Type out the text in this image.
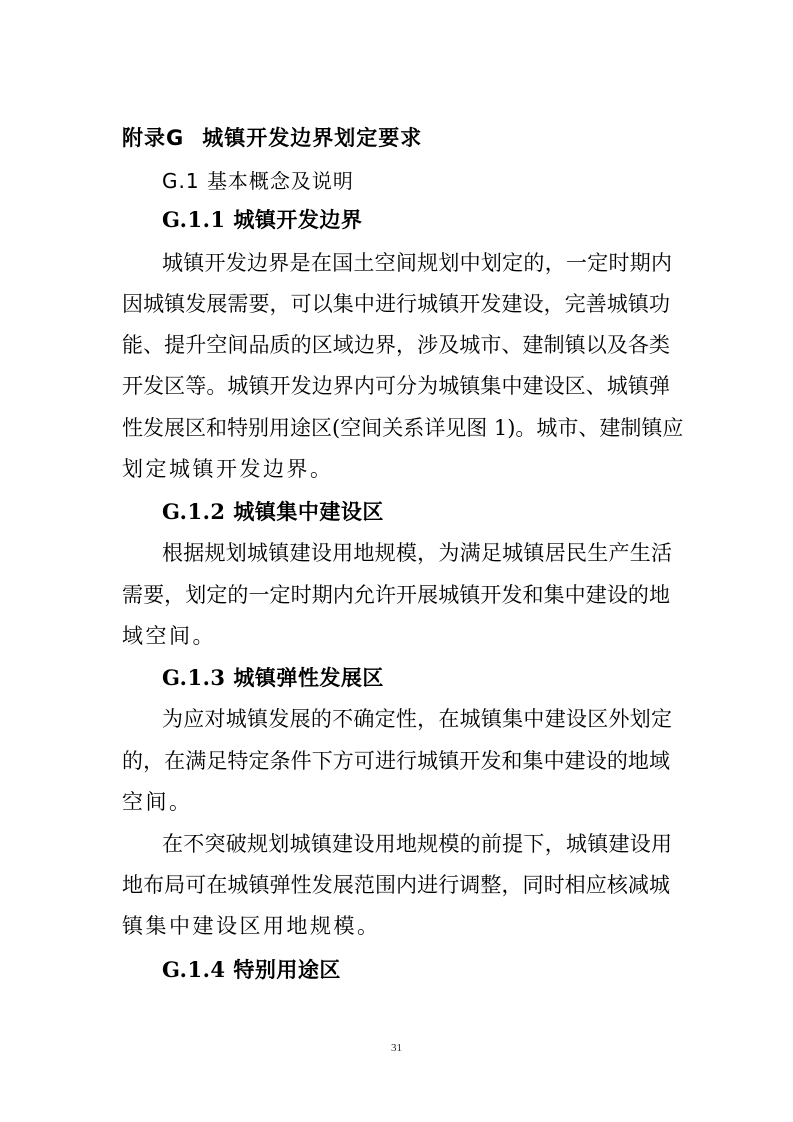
附录G 城镇开发边界划定要求
G.1 基本概念及说明
G.1.1 城镇开发边界
城镇开发边界是在国土空间规划中划定的，一定时期内
因城镇发展需要，可以集中进行城镇开发建设，完善城镇功
能、提升空间品质的区域边界，涉及城市、建制镇以及各类
开发区等。城镇开发边界内可分为城镇集中建设区、城镇弹
性发展区和特别用途区(空间关系详见图 1)。城市、建制镇应
划定城镇开发边界。
G.1.2 城镇集中建设区
根据规划城镇建设用地规模，为满足城镇居民生产生活
需要，划定的一定时期内允许开展城镇开发和集中建设的地
域空间。
G.1.3 城镇弹性发展区
为应对城镇发展的不确定性，在城镇集中建设区外划定
的，在满足特定条件下方可进行城镇开发和集中建设的地域
空间。
在不突破规划城镇建设用地规模的前提下，城镇建设用
地布局可在城镇弹性发展范围内进行调整，同时相应核减城
镇集中建设区用地规模。
G.1.4 特别用途区
31
